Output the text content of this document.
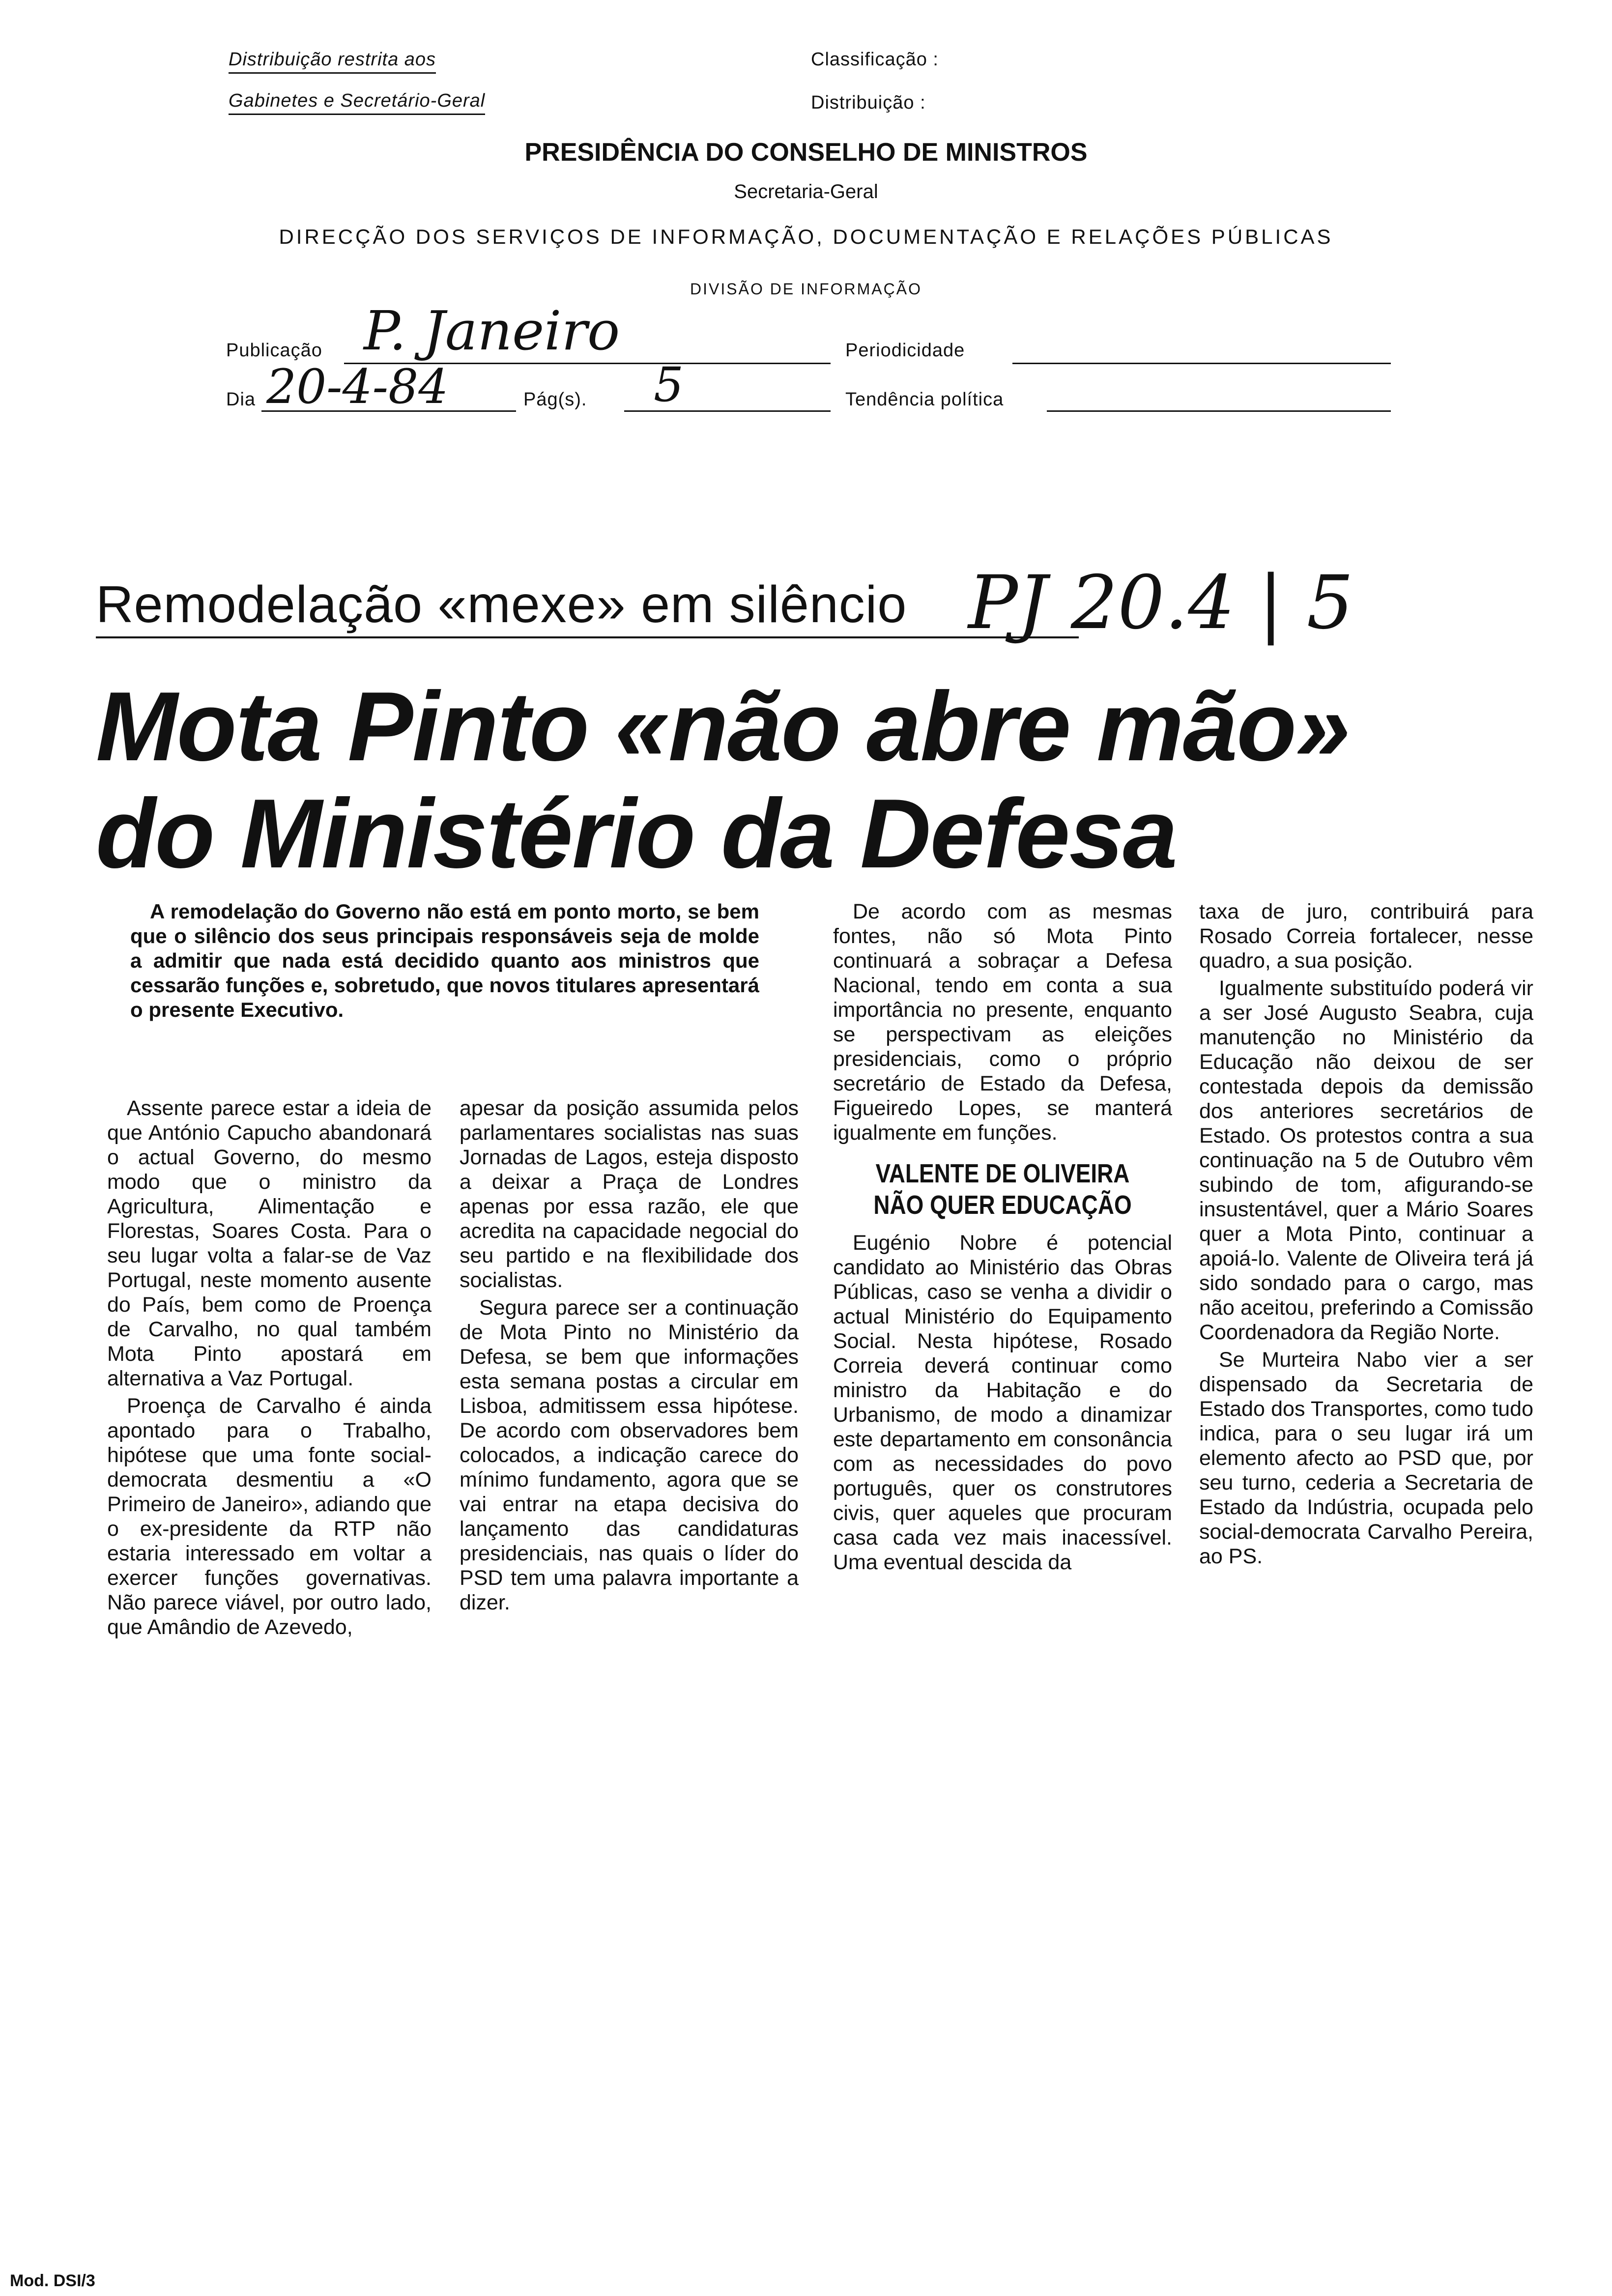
Distribuição restrita aos
Gabinetes e Secretário-Geral
Classificação :
Distribuição :
PRESIDÊNCIA DO CONSELHO DE MINISTROS
Secretaria-Geral
DIRECÇÃO DOS SERVIÇOS DE INFORMAÇÃO, DOCUMENTAÇÃO E RELAÇÕES PÚBLICAS
DIVISÃO DE INFORMAÇÃO
Publicação P. Janeiro	Periodicidade
Dia 20-4-84	Pág(s). 5	Tendência política
Remodelação «mexe» em silêncio PJ 20.4 | 5
Mota Pinto «não abre mão»
do Ministério da Defesa
A remodelação do Governo não está em ponto morto, se bem que o silêncio dos seus principais responsáveis seja de molde a admitir que nada está decidido quanto aos ministros que cessarão funções e, sobretudo, que novos titulares apresentará o presente Executivo.

Assente parece estar a ideia de que António Capucho abandonará o actual Governo, do mesmo modo que o ministro da Agricultura, Alimentação e Florestas, Soares Costa. Para o seu lugar volta a falar-se de Vaz Portugal, neste momento ausente do País, bem como de Proença de Carvalho, no qual também Mota Pinto apostará em alternativa a Vaz Portugal.

Proença de Carvalho é ainda apontado para o Trabalho, hipótese que uma fonte social-democrata desmentiu a «O Primeiro de Janeiro», adiando que o ex-presidente da RTP não estaria interessado em voltar a exercer funções governativas. Não parece viável, por outro lado, que Amândio de Azevedo,

apesar da posição assumida pelos parlamentares socialistas nas suas Jornadas de Lagos, esteja disposto a deixar a Praça de Londres apenas por essa razão, ele que acredita na capacidade negocial do seu partido e na flexibilidade dos socialistas.

Segura parece ser a continuação de Mota Pinto no Ministério da Defesa, se bem que informações esta semana postas a circular em Lisboa, admitissem essa hipótese. De acordo com observadores bem colocados, a indicação carece do mínimo fundamento, agora que se vai entrar na etapa decisiva do lançamento das candidaturas presidenciais, nas quais o líder do PSD tem uma palavra importante a dizer.

De acordo com as mesmas fontes, não só Mota Pinto continuará a sobraçar a Defesa Nacional, tendo em conta a sua importância no presente, enquanto se perspectivam as eleições presidenciais, como o próprio secretário de Estado da Defesa, Figueiredo Lopes, se manterá igualmente em funções.

VALENTE DE OLIVEIRA
NÃO QUER EDUCAÇÃO

Eugénio Nobre é potencial candidato ao Ministério das Obras Públicas, caso se venha a dividir o actual Ministério do Equipamento Social. Nesta hipótese, Rosado Correia deverá continuar como ministro da Habitação e do Urbanismo, de modo a dinamizar este departamento em consonância com as necessidades do povo português, quer os construtores civis, quer aqueles que procuram casa cada vez mais inacessível. Uma eventual descida da

taxa de juro, contribuirá para Rosado Correia fortalecer, nesse quadro, a sua posição.

Igualmente substituído poderá vir a ser José Augusto Seabra, cuja manutenção no Ministério da Educação não deixou de ser contestada depois da demissão dos anteriores secretários de Estado. Os protestos contra a sua continuação na 5 de Outubro vêm subindo de tom, afigurando-se insustentável, quer a Mário Soares quer a Mota Pinto, continuar a apoiá-lo. Valente de Oliveira terá já sido sondado para o cargo, mas não aceitou, preferindo a Comissão Coordenadora da Região Norte.

Se Murteira Nabo vier a ser dispensado da Secretaria de Estado dos Transportes, como tudo indica, para o seu lugar irá um elemento afecto ao PSD que, por seu turno, cederia a Secretaria de Estado da Indústria, ocupada pelo social-democrata Carvalho Pereira, ao PS.

Mod. DSI/3
